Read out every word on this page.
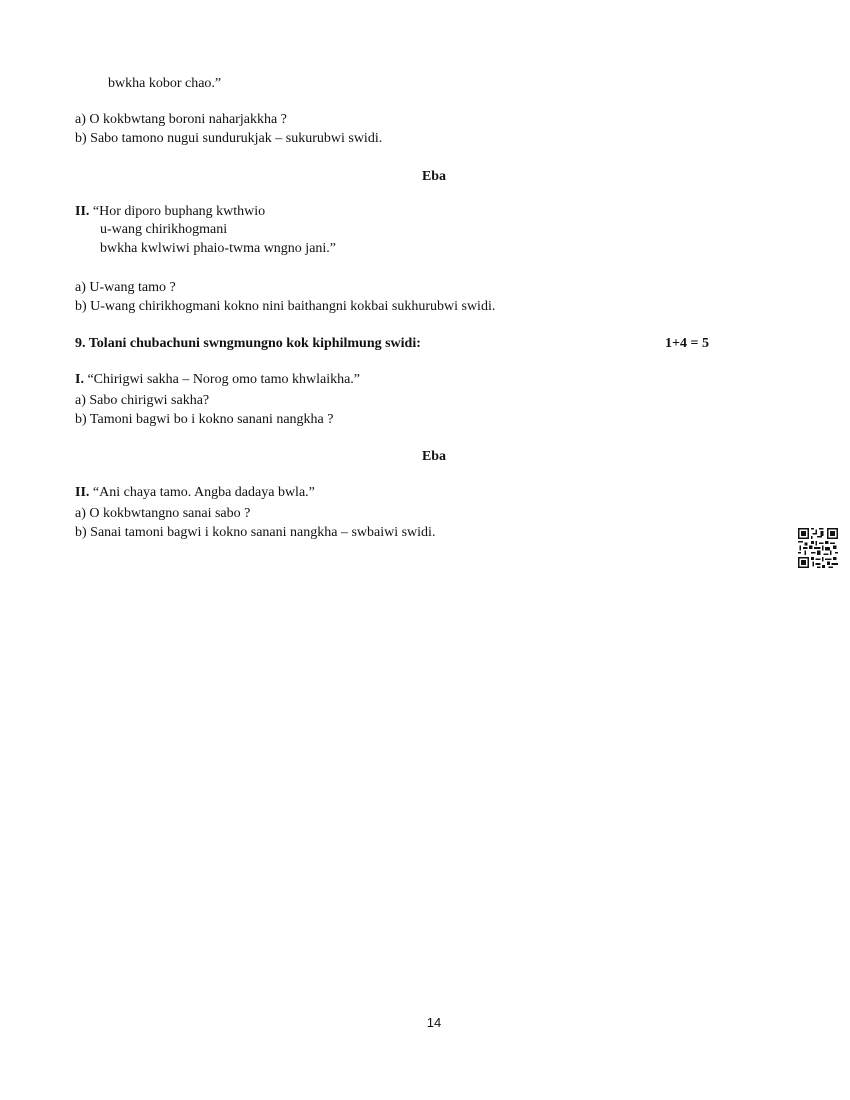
bwkha kobor chao.”
a) O kokbwtang boroni naharjakkha ?
b) Sabo tamono nugui sundurukjak – sukurubwi swidi.
Eba
II. “Hor diporo buphang kwthwio
u-wang chirikhogmani
bwkha kwlwiwi phaio-twma wngno jani.”
a) U-wang tamo ?
b) U-wang chirikhogmani kokno nini baithangni kokbai sukhurubwi swidi.
9. Tolani chubachuni swngmungno kok kiphilmung swidi:	1+4 = 5
I. “Chirigwi sakha – Norog omo tamo khwlaikha.”
a) Sabo chirigwi sakha?
b) Tamoni bagwi bo i kokno sanani nangkha ?
Eba
II. “Ani chaya tamo. Angba dadaya bwla.”
a) O kokbwtangno sanai sabo ?
b) Sanai tamoni bagwi i kokno sanani nangkha – swbaiwi swidi.
14
